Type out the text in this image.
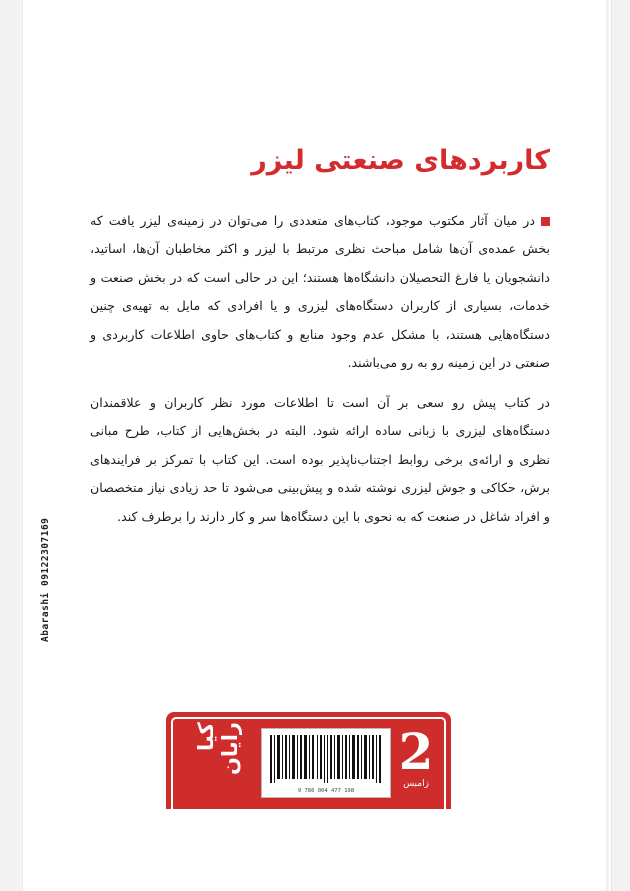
کاربردهای صنعتی لیزر

در میان آثار مکتوب موجود، کتاب‌های متعددی را می‌توان در زمینه‌ی لیزر یافت که بخش عمده‌ی آن‌ها شامل مباحث نظری مرتبط با لیزر و اکثر مخاطبان آن‌ها، اساتید، دانشجویان یا فارغ التحصیلان دانشگاه‌ها هستند؛ این در حالی است که در بخش صنعت و خدمات، بسیاری از کاربران دستگاه‌های لیزری و یا افرادی که مایل به تهیه‌ی چنین دستگاه‌هایی هستند، با مشکل عدم وجود منابع و کتاب‌های حاوی اطلاعات کاربردی و صنعتی در این زمینه رو به رو می‌باشند.

در کتاب پیش رو سعی بر آن است تا اطلاعات مورد نظر کاربران و علاقمندان دستگاه‌های لیزری با زبانی ساده ارائه شود. البته در بخش‌هایی از کتاب، طرح مبانی نظری و ارائه‌ی برخی روابط اجتناب‌ناپذیر بوده است. این کتاب با تمرکز بر فرایندهای برش، حکاکی و جوش لیزری نوشته شده و پیش‌بینی می‌شود تا حد زیادی نیاز متخصصان و افراد شاغل در صنعت که به نحوی با این دستگاه‌ها سر و کار دارند را برطرف کند.

Abarashi 09122307169
کیا رایان
9 786 004 477 198
2
زامبس
